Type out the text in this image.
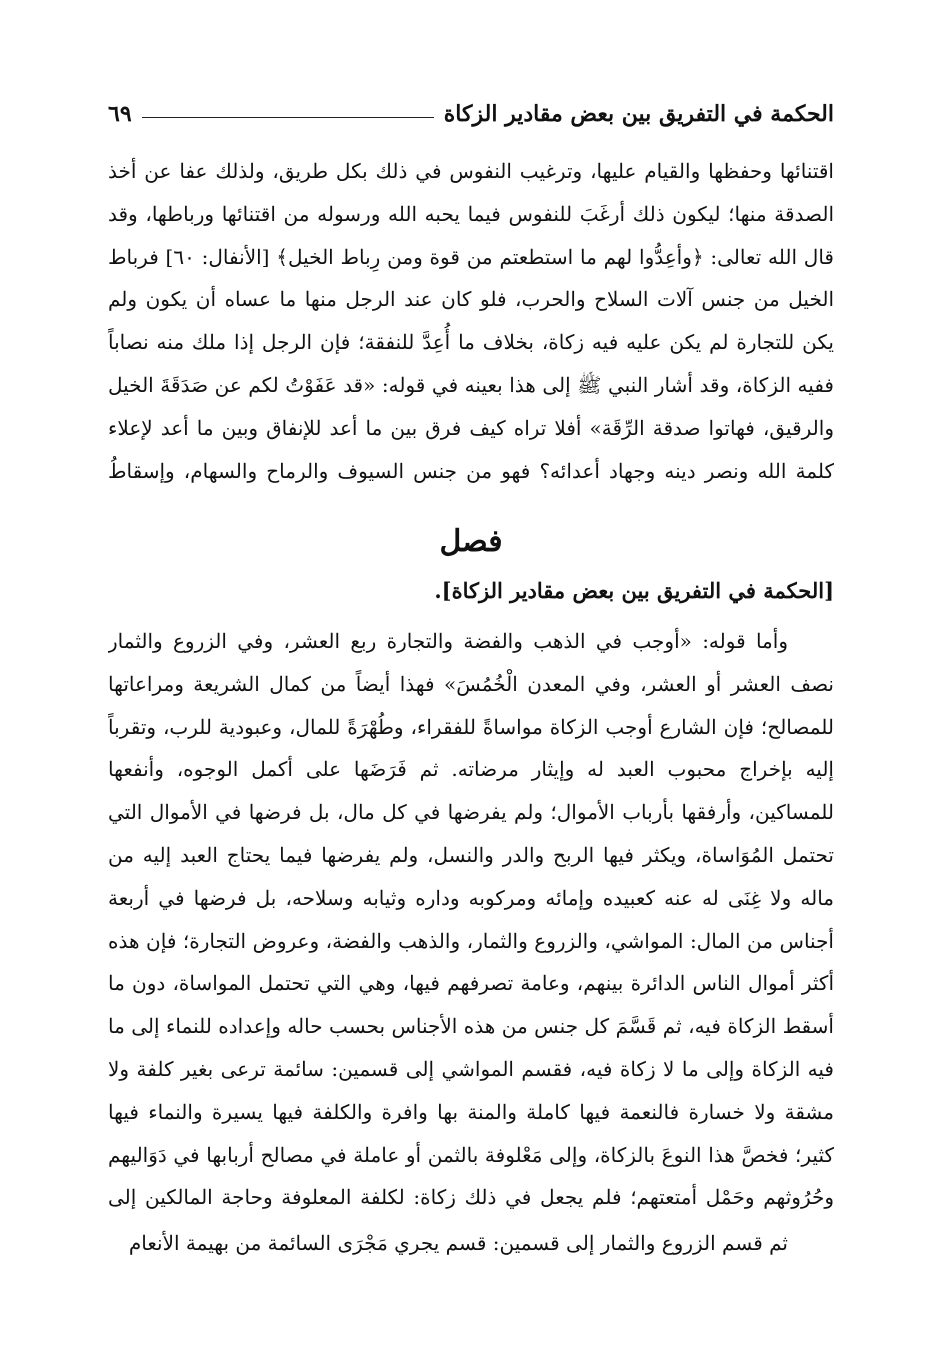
الحكمة في التفريق بين بعض مقادير الزكاة
٦٩

اقتنائها وحفظها والقيام عليها، وترغيب النفوس في ذلك بكل طريق، ولذلك عفا عن أخذ الصدقة منها؛ ليكون ذلك أرغَبَ للنفوس فيما يحبه الله ورسوله من اقتنائها ورباطها، وقد قال الله تعالى: ﴿وأعِدُّوا لهم ما استطعتم من قوة ومن رِباط الخيل﴾ [الأنفال: ٦٠] فرباط الخيل من جنس آلات السلاح والحرب، فلو كان عند الرجل منها ما عساه أن يكون ولم يكن للتجارة لم يكن عليه فيه زكاة، بخلاف ما أُعِدَّ للنفقة؛ فإن الرجل إذا ملك منه نصاباً ففيه الزكاة، وقد أشار النبي ﷺ إلى هذا بعينه في قوله: «قد عَفَوْتُ لكم عن صَدَقَةَ الخيل والرقيق، فهاتوا صدقة الرِّقَة» أفلا تراه كيف فرق بين ما أعد للإنفاق وبين ما أعد لإعلاء كلمة الله ونصر دينه وجهاد أعدائه؟ فهو من جنس السيوف والرماح والسهام، وإسقاطُ

فصل
[الحكمة في التفريق بين بعض مقادير الزكاة].

وأما قوله: «أوجب في الذهب والفضة والتجارة ربع العشر، وفي الزروع والثمار نصف العشر أو العشر، وفي المعدن الْخُمُسَ» فهذا أيضاً من كمال الشريعة ومراعاتها للمصالح؛ فإن الشارع أوجب الزكاة مواساةً للفقراء، وطُهْرَةً للمال، وعبودية للرب، وتقرباً إليه بإخراج محبوب العبد له وإيثار مرضاته. ثم فَرَضَها على أكمل الوجوه، وأنفعها للمساكين، وأرفقها بأرباب الأموال؛ ولم يفرضها في كل مال، بل فرضها في الأموال التي تحتمل المُوَاساة، ويكثر فيها الربح والدر والنسل، ولم يفرضها فيما يحتاج العبد إليه من ماله ولا غِنَى له عنه كعبيده وإمائه ومركوبه وداره وثيابه وسلاحه، بل فرضها في أربعة أجناس من المال: المواشي، والزروع والثمار، والذهب والفضة، وعروض التجارة؛ فإن هذه أكثر أموال الناس الدائرة بينهم، وعامة تصرفهم فيها، وهي التي تحتمل المواساة، دون ما أسقط الزكاة فيه، ثم قَسَّمَ كل جنس من هذه الأجناس بحسب حاله وإعداده للنماء إلى ما فيه الزكاة وإلى ما لا زكاة فيه، فقسم المواشي إلى قسمين: سائمة ترعى بغير كلفة ولا مشقة ولا خسارة فالنعمة فيها كاملة والمنة بها وافرة والكلفة فيها يسيرة والنماء فيها كثير؛ فخصَّ هذا النوعَ بالزكاة، وإلى مَعْلوفة بالثمن أو عاملة في مصالح أربابها في دَوَاليهم وحُرُوثهم وحَمْل أمتعتهم؛ فلم يجعل في ذلك زكاة: لكلفة المعلوفة وحاجة المالكين إلى

ثم قسم الزروع والثمار إلى قسمين: قسم يجري مَجْرَى السائمة من بهيمة الأنعام
